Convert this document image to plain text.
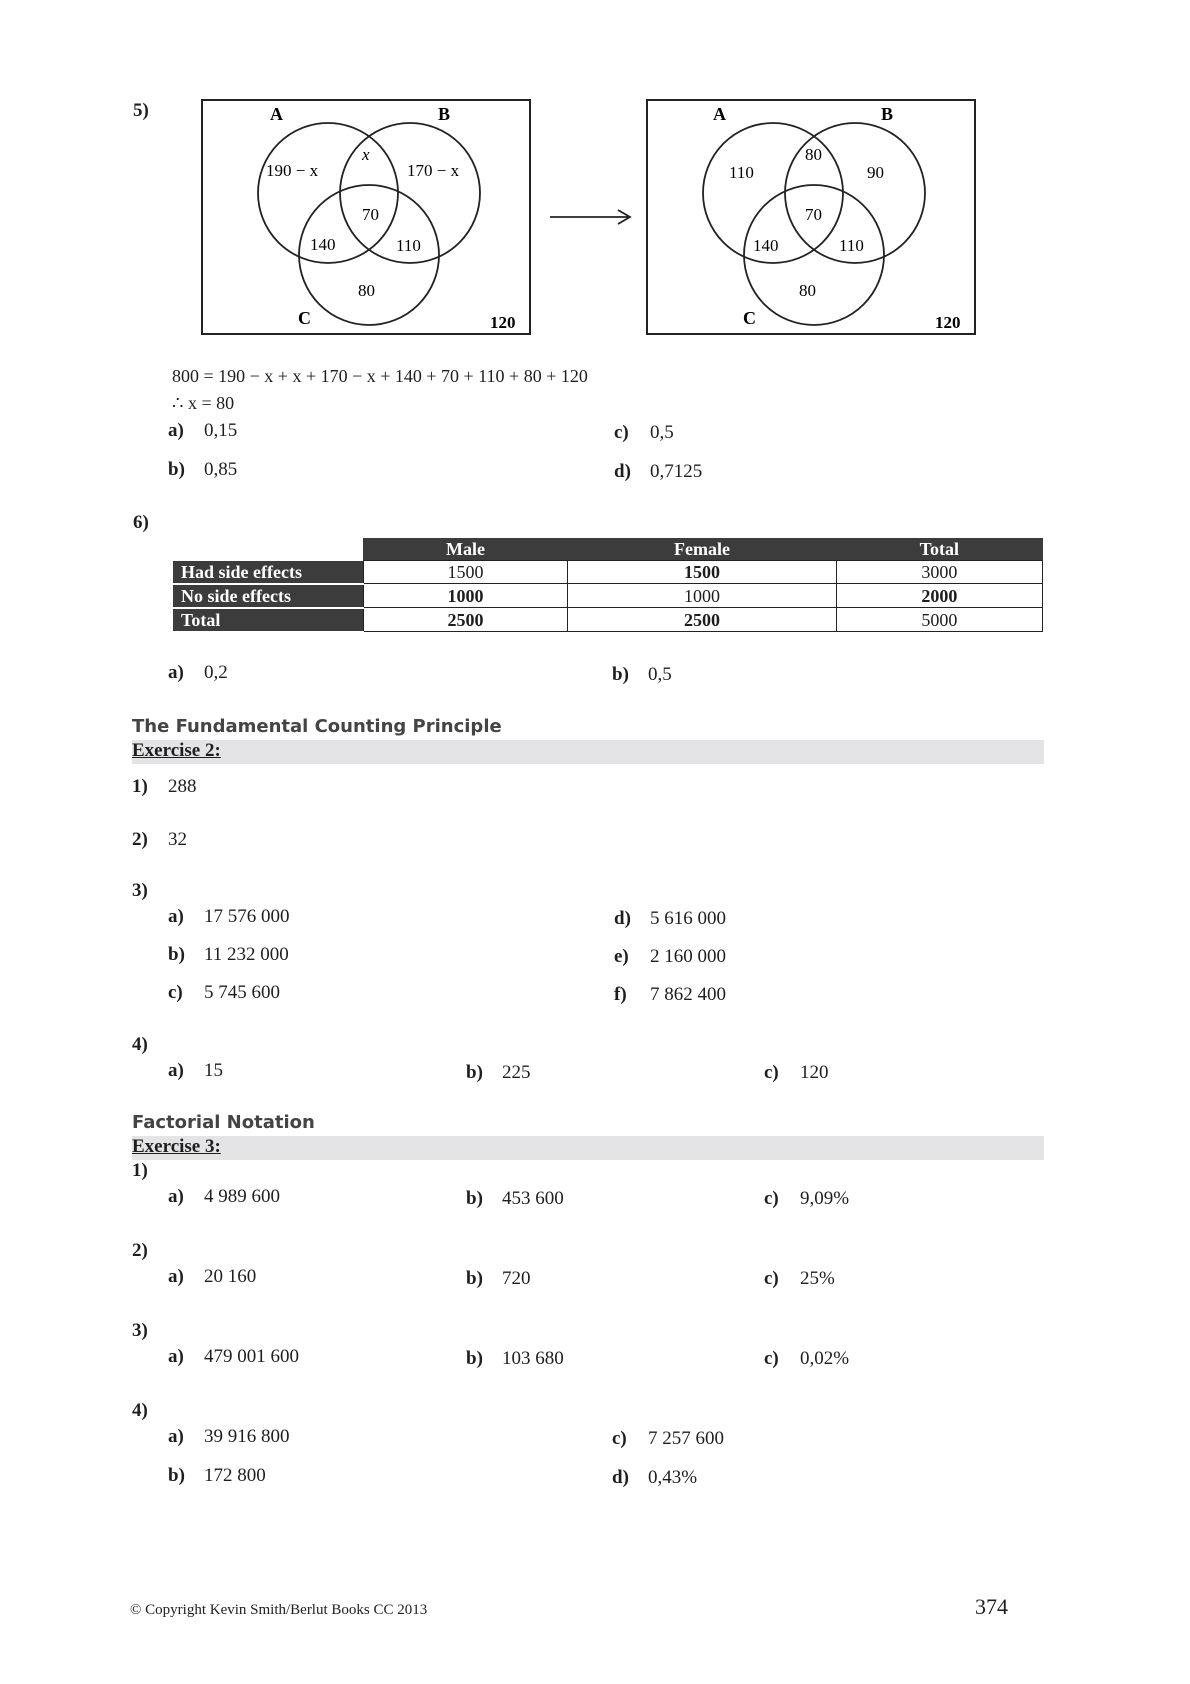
5)	A	B
C
190 − x
x
170 − x
70
140	110
80
120
A	B
C
110
80
90
70
140	110
80
120
800 = 190 − x + x + 170 − x + 140 + 70 + 110 + 80 + 120
∴ x = 80
a) 0,15
b) 0,85
c) 0,5
d) 0,7125
6)
	Male	Female	Total
Had side effects	1500	1500	3000
No side effects	1000	1000	2000
Total	2500	2500	5000
a) 0,2	b) 0,5
The Fundamental Counting Principle
Exercise 2:
1) 288
2) 32
3)
a) 17 576 000
b) 11 232 000
c) 5 745 600
d) 5 616 000
e) 2 160 000
f) 7 862 400
4)
a) 15	b) 225	c) 120
Factorial Notation
Exercise 3:
1)
a) 4 989 600	b) 453 600	c) 9,09%
2)
a) 20 160	b) 720	c) 25%
3)
a) 479 001 600	b) 103 680	c) 0,02%
4)
a) 39 916 800
b) 172 800
c) 7 257 600
d) 0,43%
© Copyright Kevin Smith/Berlut Books CC 2013	374
